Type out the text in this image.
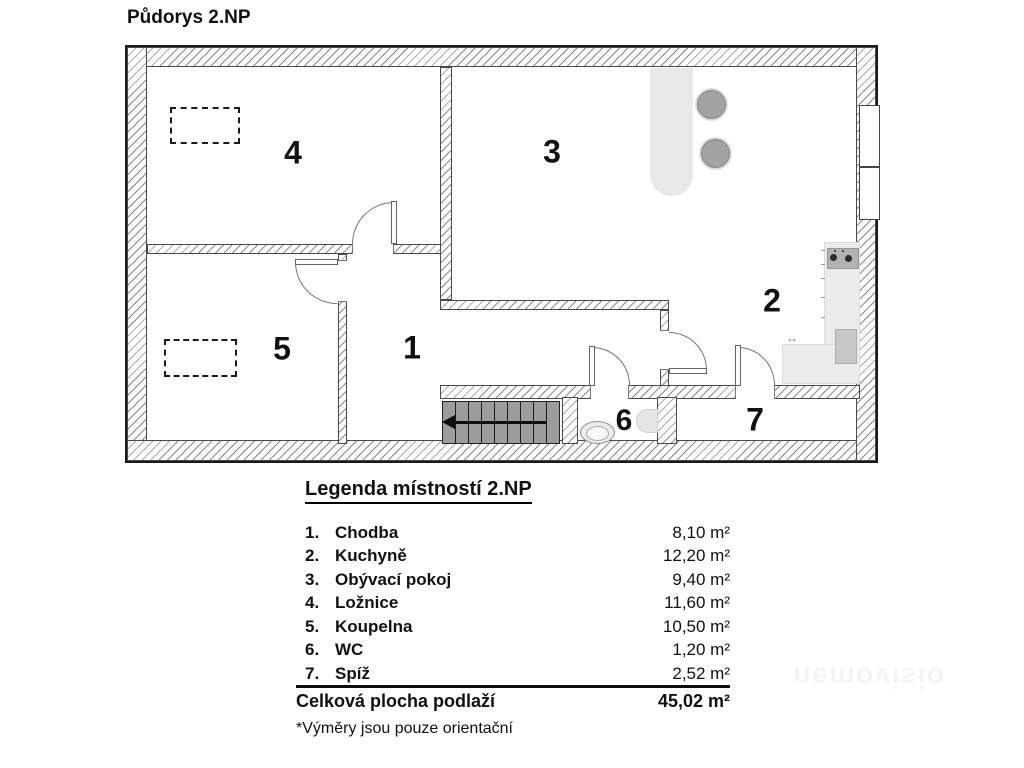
Půdorys 2.NP
↔
1
2
3
4
5
6	7
Legenda místností 2.NP
1. Chodba	8,10 m²
2. Kuchyně	12,20 m²
3. Obývací pokoj	9,40 m²
4. Ložnice	11,60 m²
5. Koupelna	10,50 m²
6. WC	1,20 m²
7. Spíž	2,52 m²
Celková plocha podlaží	45,02 m²
*Výměry jsou pouze orientační
nemovisio
